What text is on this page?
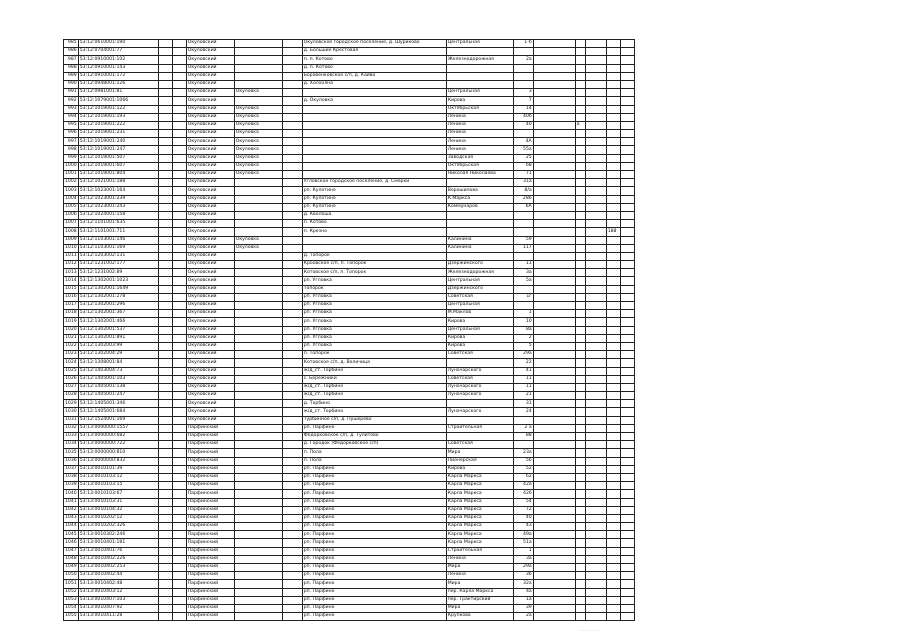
985	53:12:0610001:190			Окуловский			Окуловское городское поселение, д. Шуриково	Центральная	1-б					
986	53:12:0704001:77			Окуловский			д. Большие Крестовая							
987	53:12:0910001:102			Окуловский			п. п. Котово	Железнодорожная	2а					
988	53:12:0910001:143			Окуловский			д. п. Котово							
989	53:12:0910001:172			Окуловский			Боровёнковское с/п, д. Кайво							
990	53:12:0948001:126			Окуловский			д. Холхолна							
991	53:12:0981001:81			Окуловский	Окуловка			Центральная	3					
992	53:12:1079001:1066			Окуловский			д. Окуловка	Кирова	7					
993	53:12:1019001:122			Окуловский	Окуловка			Октябрьская	14					
994	53:12:1019001:193			Окуловский	Окуловка			Ленина	40б					
995	53:12:1019001:222			Окуловский	Окуловка			Ленина	40		а			
996	53:12:1019001:231			Окуловский	Окуловка			Ленина						
997	53:12:1019001:240			Окуловский	Окуловка			Ленина	4А					
998	53:12:1019001:247			Окуловский	Окуловка			Ленина	55а					
999	53:12:1019001:507			Окуловский	Окуловка			Заводская	25					
1000	53:12:1019001:607			Окуловский	Окуловка			Октябрьская	68					
1001	53:12:1019001:804			Окуловский	Окуловка			Николая Николаева	71					
1002	53:12:1021001:188			Окуловский			Угловское городское поселение, д. Смерки		31а					
1003	53:12:1023001:164			Окуловский			рп. Кулотино	Ворошилова	8/а					
1004	53:12:1023001:239			Окуловский			рп. Кулотино	К.Маркса	286					
1005	53:12:1023001:243			Окуловский			рп. Кулотино	Коммунаров	6А					
1006	53:12:1024001:158			Окуловский			д. Кволоша							
1007	53:12:1101001:635			Окуловский			п. Котово							
1008	53:12:1101001:711			Окуловский			п. Крезно						188	
1009	53:12:1103001:146			Окуловский	Окуловка			Калинина	59					
1010	53:12:1103001:169			Окуловский	Окуловка			Калинина	117					
1011	53:12:1203002:131			Окуловский			д. Топорок							
1012	53:12:1231002:177			Окуловский			Кроовское с/п, п. Топорок	Дзержинского	11					
1013	53:12:1231002:89			Окуловский			Котовское с/п, п. Топорок	Железнодорожная	3а					
1014	53:12:1302001:1023			Окуловский			рп. Угловка	Центральная	5а					
1015	53:12:1302001:1649			Окуловский			Топорок	Дзержинского						
1016	53:12:1302001:278			Окуловский			рп. Угловка	Советская	1г					
1017	53:12:1302001:296			Окуловский			рп. Угловка	Центральная						
1018	53:12:1302001:367			Окуловский			рп. Угловка	М.Маклов	1					
1019	53:12:1302001:466			Окуловский			рп. Угловка	Кирова	10					
1020	53:12:1302001:537			Окуловский			рп. Угловка	Центральная	8а					
1021	53:12:1302001:891			Окуловский			рп. Угловка	Кирова	2					
1022	53:12:1302003:99			Окуловский			рп. Угловка	Кирова	5					
1023	53:12:1302004:29			Окуловский			п. Топорок	Советская	29а					
1024	53:12:1308001:84			Окуловский			Котовское с/п, д. Воличица		22					
1025	53:12:1403004:73			Окуловский			ж/д_ст. Торбино	Луначарского	41					
1026	53:12:1405001:103			Окуловский			с. Бережники	Советская	11					
1027	53:12:1405001:138			Окуловский			ж/д_ст. Торбино	Луначарского	11					
1028	53:12:1405001:247			Окуловский			ж/д_ст. Торбино	Луначарского	21					
1029	53:12:1405001:346			Окуловский			д. Торбино		31					
1030	53:12:1405001:684			Окуловский			ж/д_ст. Торбино	Луначарского	24					
1031	53:12:1524001:169			Окуловский			Турбинное с/п, д. Пушкрёво							
1032	53:13:0000000:1557			Парфинский			рп. Парфино	Строительная	2 а					
1033	53:13:0000000:682			Парфинский			Федорковское с/п, д. Тулитово		88					
1034	53:13:0000000:722			Парфинский			д. Городок (Федорковское с/п)	Советская						
1035	53:13:0000000:810			Парфинский			п. Пола	Мира	23а					
1036	53:13:0000000:832			Парфинский			п. Пола	Пионерская	56					
1037	53:13:0010101:39			Парфинский			рп. Парфино	Кирова	52					
1038	53:13:0010103:12			Парфинский			рп. Парфино	Карла Маркса	62					
1039	53:13:0010103:15			Парфинский			рп. Парфино	Карла Маркса	42а					
1040	53:13:0010103:67			Парфинский			рп. Парфино	Карла Маркса	42б					
1041	53:13:0010103:31			Парфинский			рп. Парфино	Карла Маркса	54					
1042	53:13:0010104:32			Парфинский			рп. Парфино	Карла Маркса	72					
1043	53:13:0010202:12			Парфинский			рп. Парфино	Карла Маркса	40					
1044	53:13:0010202:326			Парфинский			рп. Парфино	Карла Маркса	43					
1045	53:13:0010302:246			Парфинский			рп. Парфино	Карла Маркса	49а					
1046	53:13:0010401:181			Парфинский			рп. Парфино	Карла Маркса	51а					
1047	53:13:0010401:76			Парфинский			рп. Парфино	Строительная	1					
1048	53:13:0010402:226			Парфинский			рп. Парфино	Ленина	3а					
1049	53:13:0010402:253			Парфинский			рп. Парфино	Мира	29а					
1050	53:13:0010402:44			Парфинский			рп. Парфино	Ленина	36					
1051	53:13:0010402:48			Парфинский			рп. Парфино	Мира	32а					
1052	53:13:0010403:12			Парфинский			рп. Парфино	пер. Карла Маркса	4а					
1053	53:13:0010407:103			Парфинский			рп. Парфино	пер. Трактирский	1а					
1054	53:13:0010407:92			Парфинский			рп. Парфино	Мира	39					
1055	53:13:0010411:28			Парфинский			рп. Парфино	Крупкова	2а					
· · · · · · · ·
